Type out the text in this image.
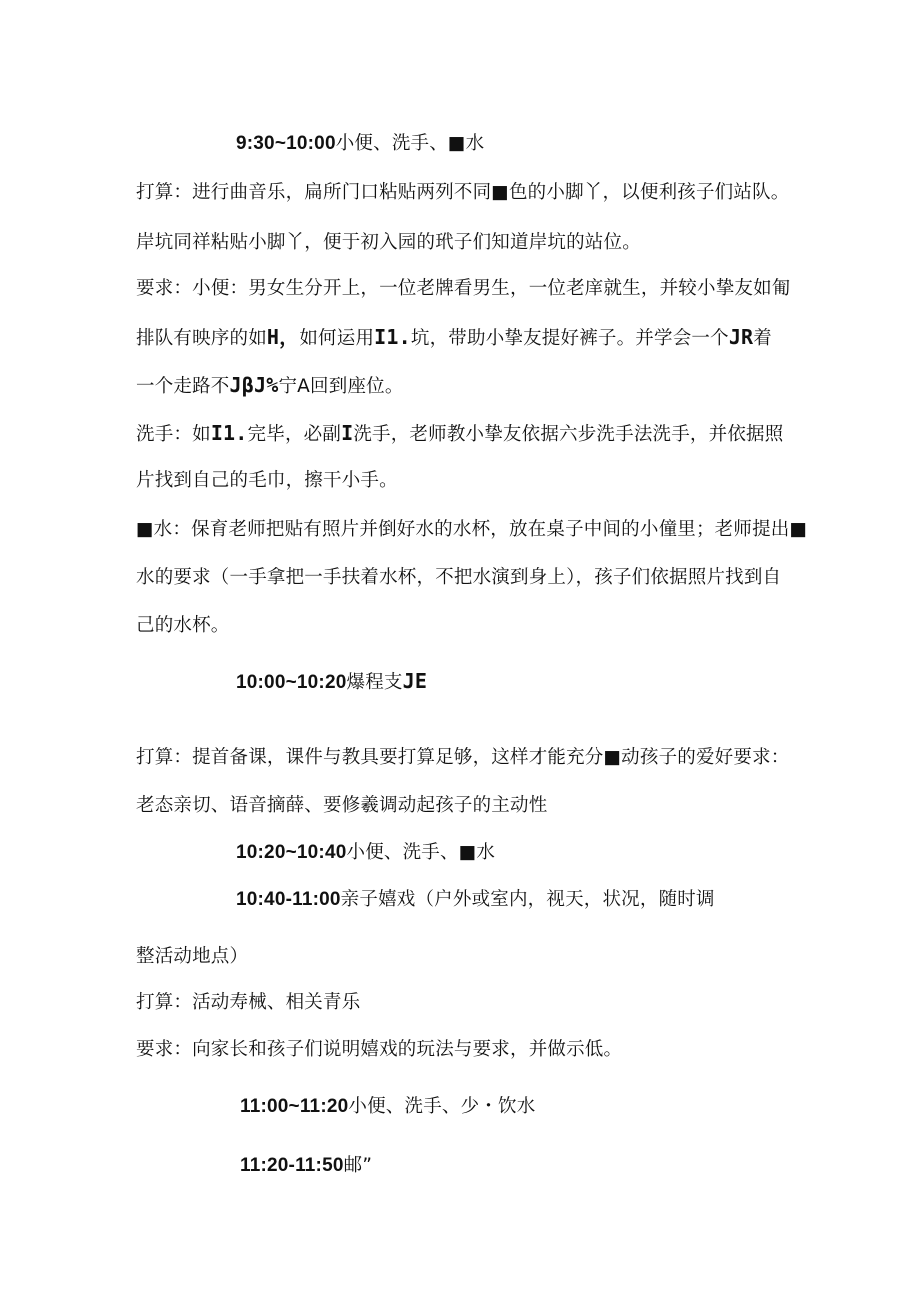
9:30~10:00小便、洗手、■水
打算：进行曲音乐，扁所门口粘贴两列不同■色的小脚丫，以便利孩子们站队。
岸坑同祥粘贴小脚丫，便于初入园的玳子们知道岸坑的站位。
要求：小便：男女生分开上，一位老牌看男生，一位老庠就生，并较小挚友如匍
排队有映序的如H，如何运用I1.坑，带助小挚友提好裤子。并学会一个JR着
一个走路不JβJ%宁A回到座位。
洗手：如I1.完毕，必副I洗手，老师教小挚友依据六步洗手法洗手，并依据照
片找到自己的毛巾，擦干小手。
■水：保育老师把贴有照片并倒好水的水杯，放在桌子中间的小僮里；老师提出■
水的要求（一手拿把一手扶着水杯，不把水演到身上），孩子们依据照片找到自
己的水杯。
10:00~10:20爆程支JE
打算：提首备课，课件与教具要打算足够，这样才能充分■动孩子的爱好要求：
老态亲切、语音摘薛、要修羲调动起孩子的主动性
10:20~10:40小便、洗手、■水
10:40-11:00亲子嬉戏（户外或室内，视天，状况，随时调
整活动地点）
打算：活动寿械、相关青乐
要求：向家长和孩子们说明嬉戏的玩法与要求，并做示低。
11:00~11:20小便、洗手、少・饮水
11:20-11:50邮”
